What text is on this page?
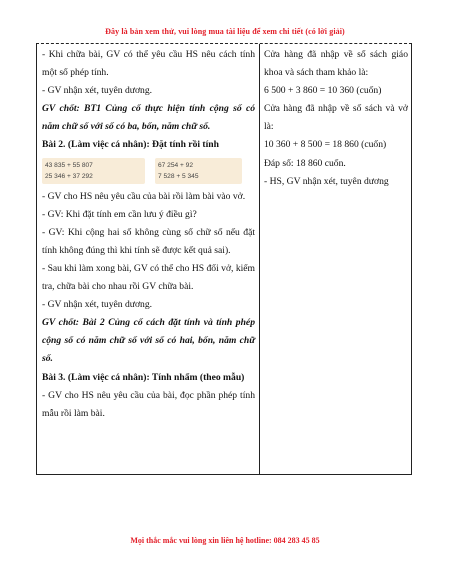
Đây là bản xem thử, vui lòng mua tài liệu để xem chi tiết (có lời giải)

- Khi chữa bài, GV có thể yêu cầu HS nêu cách tính một số phép tính.

- GV nhận xét, tuyên dương.

GV chốt: BT1 Củng cố thực hiện tính cộng số có năm chữ số với số có ba, bốn, năm chữ số.

Bài 2. (Làm việc cá nhân): Đặt tính rồi tính

43 835 + 55 807
25 346 + 37 292
67 254 + 92
7 528 + 5 345

- GV cho HS nêu yêu cầu của bài rồi làm bài vào vở.

- GV: Khi đặt tính em cần lưu ý điều gì?

- GV: Khi cộng hai số không cùng số chữ số nếu đặt tính không đúng thì khi tính sẽ được kết quả sai).

- Sau khi làm xong bài, GV có thể cho HS đổi vở, kiểm tra, chữa bài cho nhau rồi GV chữa bài.

- GV nhận xét, tuyên dương.

GV chốt: Bài 2 Củng cố cách đặt tính và tính phép cộng số có năm chữ số với số có hai, bốn, năm chữ số.

Bài 3. (Làm việc cá nhân): Tính nhẩm (theo mẫu)

- GV cho HS nêu yêu cầu của bài, đọc phần phép tính mẫu rồi làm bài.

Cửa hàng đã nhập về số sách giáo khoa và sách tham khảo là:

6 500 + 3 860 = 10 360 (cuốn)

Cửa hàng đã nhập về số sách và vở là:

10 360 + 8 500 = 18 860 (cuốn)

Đáp số: 18 860 cuốn.

- HS, GV nhận xét, tuyên dương

Mọi thắc mắc vui lòng xin liên hệ hotline: 084 283 45 85
